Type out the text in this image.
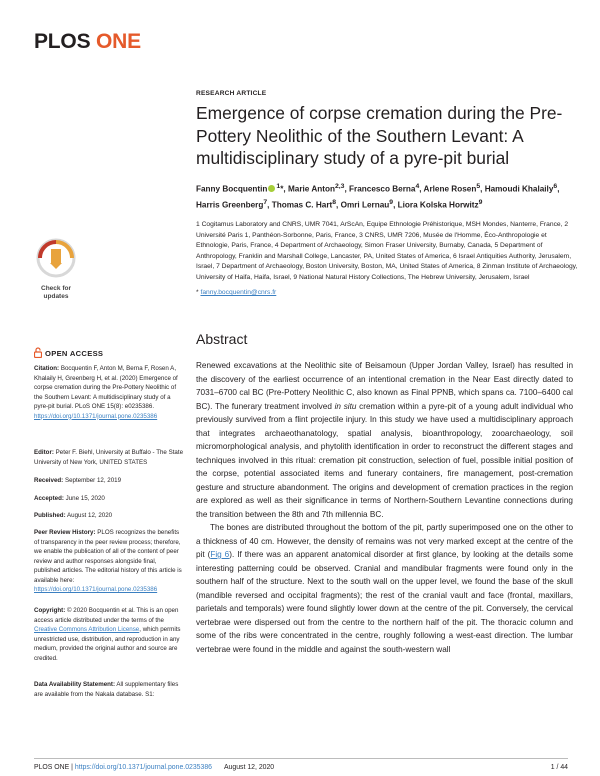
PLOS ONE
RESEARCH ARTICLE
Emergence of corpse cremation during the Pre-Pottery Neolithic of the Southern Levant: A multidisciplinary study of a pyre-pit burial
Fanny Bocquentin $^1$*, Marie Anton$^{2,3}$, Francesco Berna$^4$, Arlene Rosen$^5$, Hamoudi Khalaily$^6$, Harris Greenberg$^7$, Thomas C. Hart$^8$, Omri Lernau$^9$, Liora Kolska Horwitz$^9$
1 Cogitamus Laboratory and CNRS, UMR 7041, ArScAn, Equipe Ethnologie Préhistorique, MSH Mondes, Nanterre, France, 2 Université Paris 1, Panthéon-Sorbonne, Paris, France, 3 CNRS, UMR 7206, Musée de l'Homme, Éco-Anthropologie et Ethnologie, Paris, France, 4 Department of Archaeology, Simon Fraser University, Burnaby, Canada, 5 Department of Anthropology, Franklin and Marshall College, Lancaster, PA, United States of America, 6 Israel Antiquities Authority, Jerusalem, Israel, 7 Department of Archaeology, Boston University, Boston, MA, United States of America, 8 Zinman Institute of Archaeology, University of Haifa, Haifa, Israel, 9 National Natural History Collections, The Hebrew University, Jerusalem, Israel
* fanny.bocquentin@cnrs.fr
Abstract

Renewed excavations at the Neolithic site of Beisamoun (Upper Jordan Valley, Israel) has resulted in the discovery of the earliest occurrence of an intentional cremation in the Near East directly dated to 7031–6700 cal BC (Pre-Pottery Neolithic C, also known as Final PPNB, which spans ca. 7100–6400 cal BC). The funerary treatment involved in situ cremation within a pyre-pit of a young adult individual who previously survived from a flint projectile injury. In this study we have used a multidisciplinary approach that integrates archaeothanatology, spatial analysis, bioanthropology, zooarchaeology, soil micromorphological analysis, and phytolith identification in order to reconstruct the different stages and techniques involved in this ritual: cremation pit construction, selection of fuel, possible initial position of the corpse, potential associated items and funerary containers, fire management, post-cremation gesture and structure abandonment. The origins and development of cremation practices in the region are explored as well as their significance in terms of Northern-Southern Levantine connections during the transition between the 8th and 7th millennia BC.

The bones are distributed throughout the bottom of the pit, partly superimposed one on the other to a thickness of 40 cm. However, the density of remains was not very marked except at the centre of the pit (Fig 6). If there was an apparent anatomical disorder at first glance, by looking at the details some interesting patterning could be observed. Cranial and mandibular fragments were found only in the southern half of the structure. Next to the south wall on the upper level, we found the base of the skull (mandible reversed and occipital fragments); the rest of the cranial vault and face (frontal, maxillars, parietals and temporals) were found slightly lower down at the centre of the pit. Conversely, the cervical vertebrae were dispersed out from the centre to the northern half of the pit. The thoracic column and some of the ribs were concentrated in the centre, roughly following a west-east direction. The lumbar vertebrae were found in the middle and against the south-western wall

Check for updates
OPEN ACCESS
Citation: Bocquentin F, Anton M, Berna F, Rosen A, Khalaily H, Greenberg H, et al. (2020) Emergence of corpse cremation during the Pre-Pottery Neolithic of the Southern Levant: A multidisciplinary study of a pyre-pit burial. PLoS ONE 15(8): e0235386. https://doi.org/10.1371/journal.pone.0235386
Editor: Peter F. Biehl, University at Buffalo - The State University of New York, UNITED STATES
Received: September 12, 2019
Accepted: June 15, 2020
Published: August 12, 2020
Peer Review History: PLOS recognizes the benefits of transparency in the peer review process; therefore, we enable the publication of all of the content of peer review and author responses alongside final, published articles. The editorial history of this article is available here: https://doi.org/10.1371/journal.pone.0235386
Copyright: © 2020 Bocquentin et al. This is an open access article distributed under the terms of the Creative Commons Attribution License, which permits unrestricted use, distribution, and reproduction in any medium, provided the original author and source are credited.
Data Availability Statement: All supplementary files are available from the Nakala database. S1:
PLOS ONE | https://doi.org/10.1371/journal.pone.0235386 August 12, 2020	1 / 44
